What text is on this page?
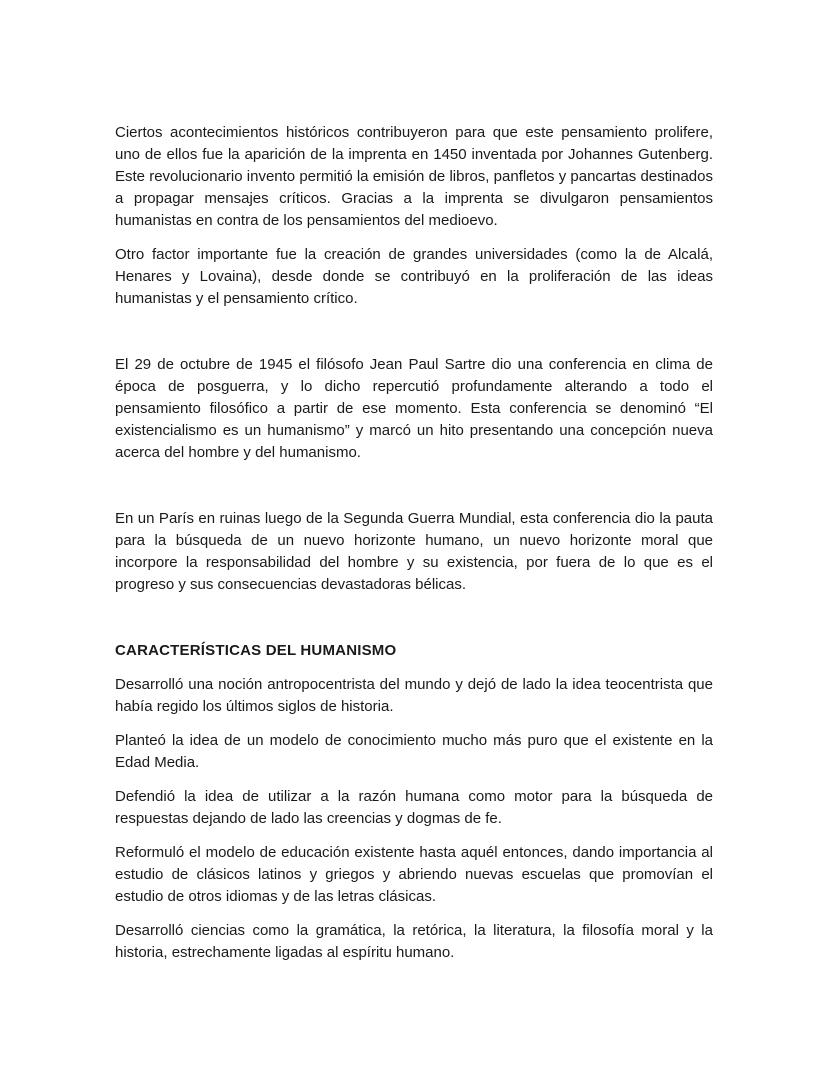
Ciertos acontecimientos históricos contribuyeron para que este pensamiento prolifere, uno de ellos fue la aparición de la imprenta en 1450 inventada por Johannes Gutenberg. Este revolucionario invento permitió la emisión de libros, panfletos y pancartas destinados a propagar mensajes críticos. Gracias a la imprenta se divulgaron pensamientos humanistas en contra de los pensamientos del medioevo.

Otro factor importante fue la creación de grandes universidades (como la de Alcalá, Henares y Lovaina), desde donde se contribuyó en la proliferación de las ideas humanistas y el pensamiento crítico.

El 29 de octubre de 1945 el filósofo Jean Paul Sartre dio una conferencia en clima de época de posguerra, y lo dicho repercutió profundamente alterando a todo el pensamiento filosófico a partir de ese momento. Esta conferencia se denominó “El existencialismo es un humanismo” y marcó un hito presentando una concepción nueva acerca del hombre y del humanismo.

En un París en ruinas luego de la Segunda Guerra Mundial, esta conferencia dio la pauta para la búsqueda de un nuevo horizonte humano, un nuevo horizonte moral que incorpore la responsabilidad del hombre y su existencia, por fuera de lo que es el progreso y sus consecuencias devastadoras bélicas.

CARACTERÍSTICAS DEL HUMANISMO

Desarrolló una noción antropocentrista del mundo y dejó de lado la idea teocentrista que había regido los últimos siglos de historia.

Planteó la idea de un modelo de conocimiento mucho más puro que el existente en la Edad Media.

Defendió la idea de utilizar a la razón humana como motor para la búsqueda de respuestas dejando de lado las creencias y dogmas de fe.

Reformuló el modelo de educación existente hasta aquél entonces, dando importancia al estudio de clásicos latinos y griegos y abriendo nuevas escuelas que promovían el estudio de otros idiomas y de las letras clásicas.

Desarrolló ciencias como la gramática, la retórica, la literatura, la filosofía moral y la historia, estrechamente ligadas al espíritu humano.
